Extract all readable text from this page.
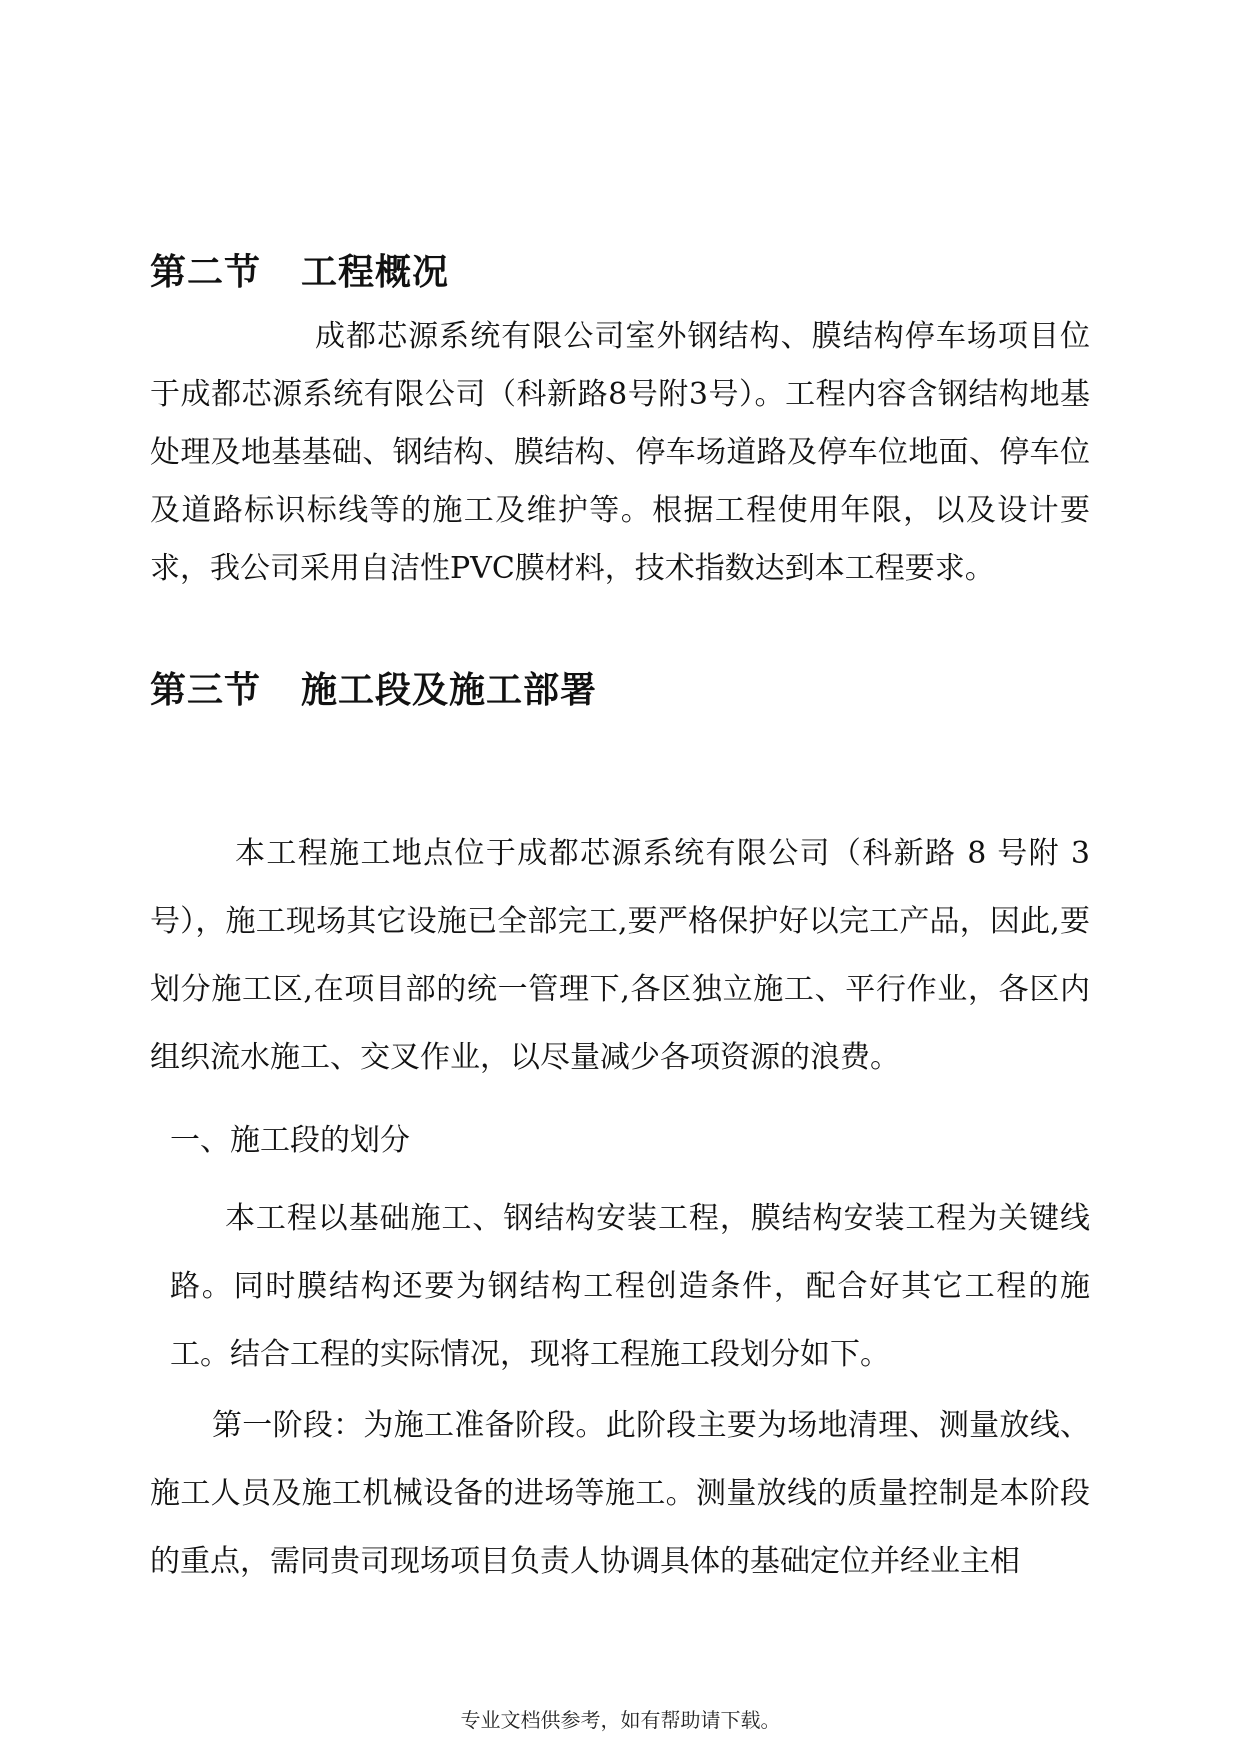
第二节 工程概况

成都芯源系统有限公司室外钢结构、膜结构停车场项目位于成都芯源系统有限公司（科新路8号附3号）。工程内容含钢结构地基处理及地基基础、钢结构、膜结构、停车场道路及停车位地面、停车位及道路标识标线等的施工及维护等。根据工程使用年限，以及设计要求，我公司采用自洁性PVC膜材料，技术指数达到本工程要求。

第三节 施工段及施工部署

本工程施工地点位于成都芯源系统有限公司（科新路 8 号附 3 号），施工现场其它设施已全部完工,要严格保护好以完工产品，因此,要划分施工区,在项目部的统一管理下,各区独立施工、平行作业，各区内组织流水施工、交叉作业，以尽量减少各项资源的浪费。

一、施工段的划分

本工程以基础施工、钢结构安装工程，膜结构安装工程为关键线路。同时膜结构还要为钢结构工程创造条件，配合好其它工程的施工。结合工程的实际情况，现将工程施工段划分如下。

第一阶段：为施工准备阶段。此阶段主要为场地清理、测量放线、施工人员及施工机械设备的进场等施工。测量放线的质量控制是本阶段的重点，需同贵司现场项目负责人协调具体的基础定位并经业主相

专业文档供参考，如有帮助请下载。
